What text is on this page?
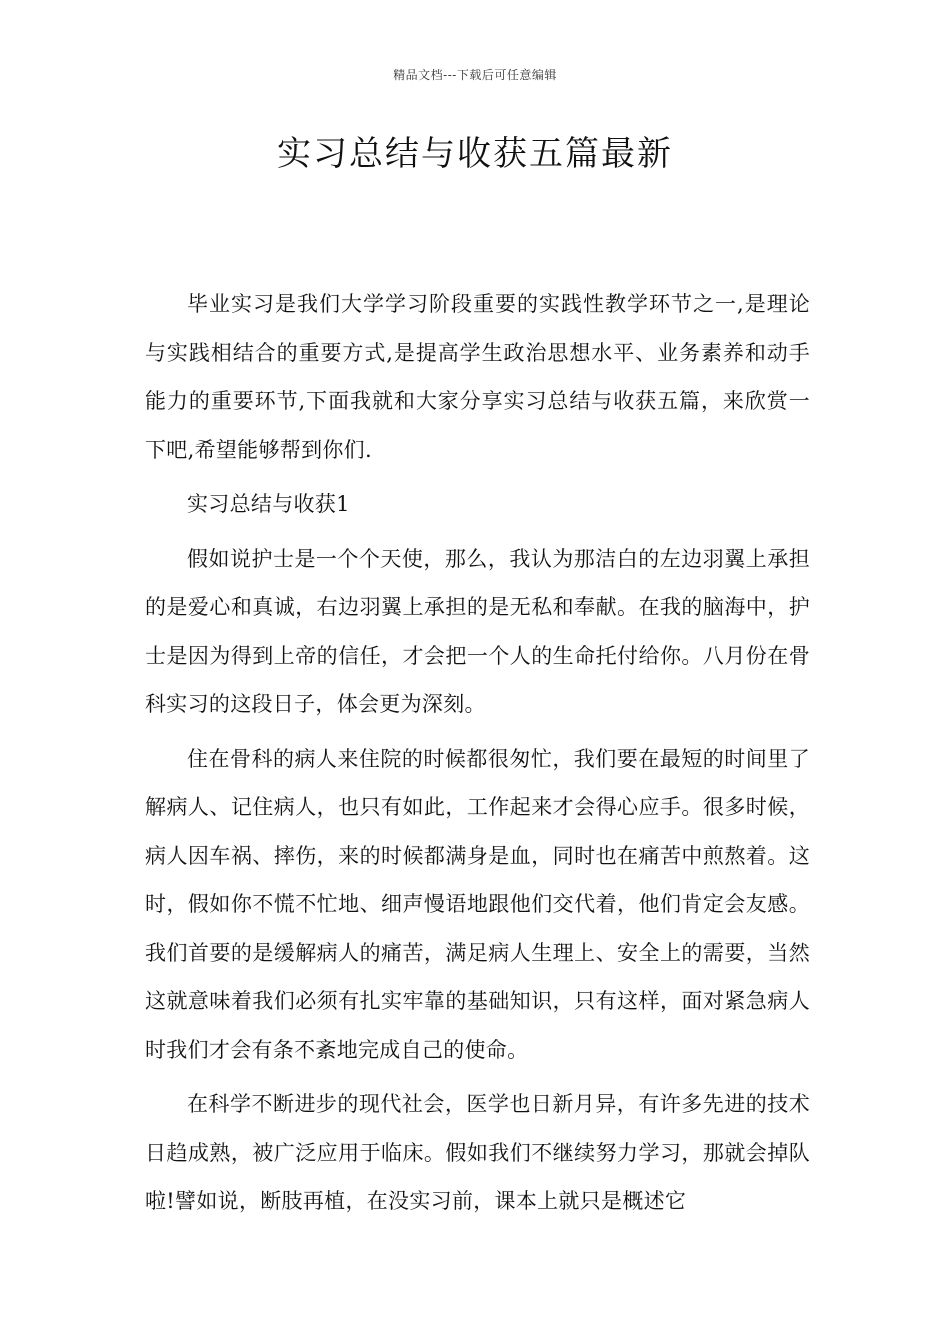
精品文档---下载后可任意编辑
实习总结与收获五篇最新

毕业实习是我们大学学习阶段重要的实践性教学环节之一,是理论与实践相结合的重要方式,是提高学生政治思想水平、业务素养和动手能力的重要环节,下面我就和大家分享实习总结与收获五篇，来欣赏一下吧,希望能够帮到你们.

实习总结与收获1

假如说护士是一个个天使，那么，我认为那洁白的左边羽翼上承担的是爱心和真诚，右边羽翼上承担的是无私和奉献。在我的脑海中，护士是因为得到上帝的信任，才会把一个人的生命托付给你。八月份在骨科实习的这段日子，体会更为深刻。

住在骨科的病人来住院的时候都很匆忙，我们要在最短的时间里了解病人、记住病人，也只有如此，工作起来才会得心应手。很多时候，病人因车祸、摔伤，来的时候都满身是血，同时也在痛苦中煎熬着。这时，假如你不慌不忙地、细声慢语地跟他们交代着，他们肯定会友感。我们首要的是缓解病人的痛苦，满足病人生理上、安全上的需要，当然这就意味着我们必须有扎实牢靠的基础知识，只有这样，面对紧急病人时我们才会有条不紊地完成自己的使命。

在科学不断进步的现代社会，医学也日新月异，有许多先进的技术日趋成熟，被广泛应用于临床。假如我们不继续努力学习，那就会掉队啦!譬如说，断肢再植，在没实习前，课本上就只是概述它
